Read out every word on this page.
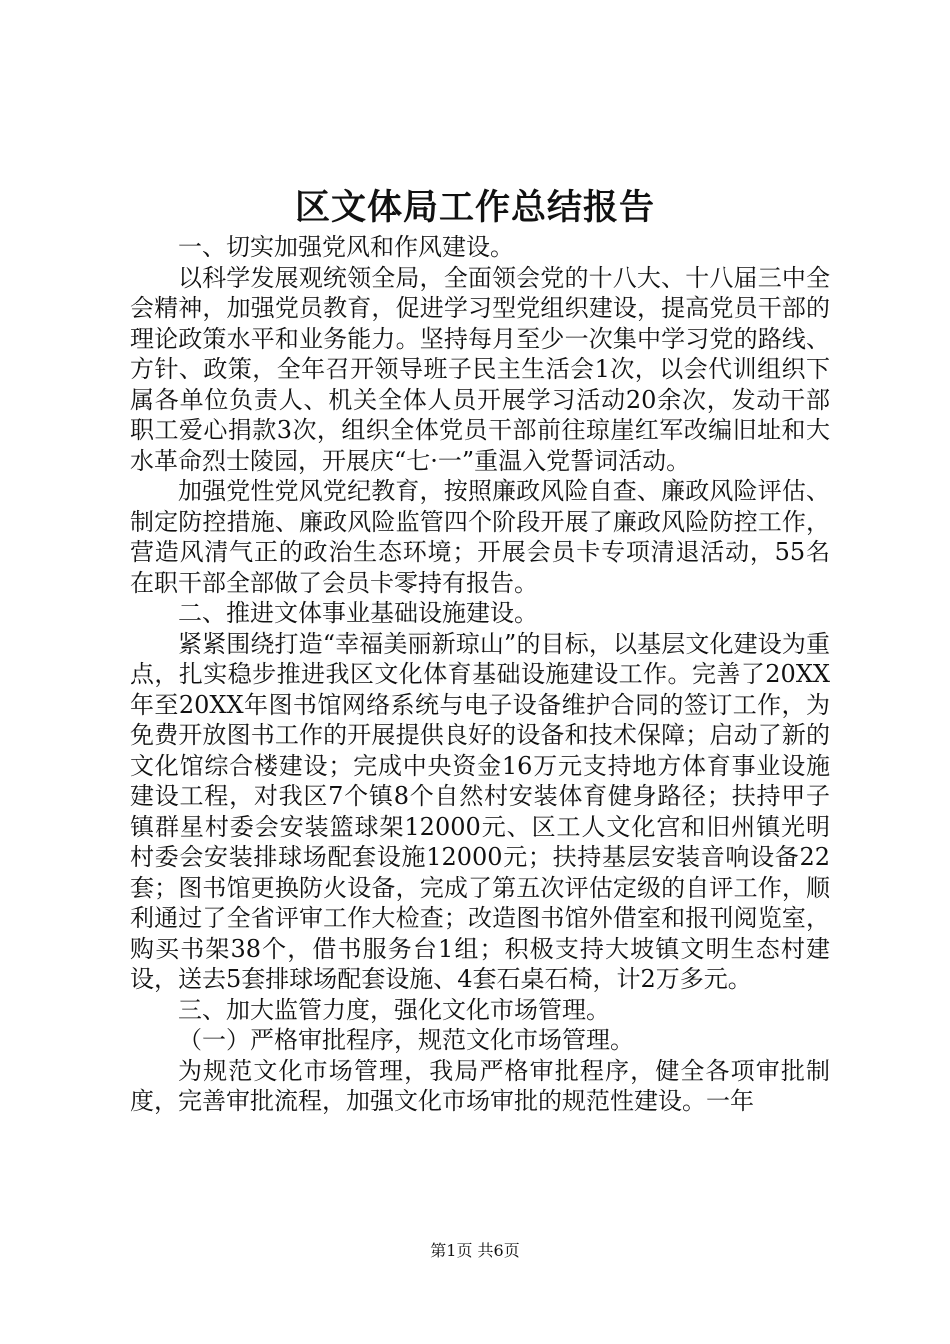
区文体局工作总结报告

一、切实加强党风和作风建设。

以科学发展观统领全局，全面领会党的十八大、十八届三中全会精神，加强党员教育，促进学习型党组织建设，提高党员干部的理论政策水平和业务能力。坚持每月至少一次集中学习党的路线、方针、政策，全年召开领导班子民主生活会1次，以会代训组织下属各单位负责人、机关全体人员开展学习活动20余次，发动干部职工爱心捐款3次，组织全体党员干部前往琼崖红军改编旧址和大水革命烈士陵园，开展庆“七·一”重温入党誓词活动。

加强党性党风党纪教育，按照廉政风险自查、廉政风险评估、制定防控措施、廉政风险监管四个阶段开展了廉政风险防控工作，营造风清气正的政治生态环境；开展会员卡专项清退活动，55名在职干部全部做了会员卡零持有报告。

二、推进文体事业基础设施建设。

紧紧围绕打造“幸福美丽新琼山”的目标，以基层文化建设为重点，扎实稳步推进我区文化体育基础设施建设工作。完善了20XX年至20XX年图书馆网络系统与电子设备维护合同的签订工作，为免费开放图书工作的开展提供良好的设备和技术保障；启动了新的文化馆综合楼建设；完成中央资金16万元支持地方体育事业设施建设工程，对我区7个镇8个自然村安装体育健身路径；扶持甲子镇群星村委会安装篮球架12000元、区工人文化宫和旧州镇光明村委会安装排球场配套设施12000元；扶持基层安装音响设备22套；图书馆更换防火设备，完成了第五次评估定级的自评工作，顺利通过了全省评审工作大检查；改造图书馆外借室和报刊阅览室，购买书架38个，借书服务台1组；积极支持大坡镇文明生态村建设，送去5套排球场配套设施、4套石桌石椅，计2万多元。

三、加大监管力度，强化文化市场管理。

（一）严格审批程序，规范文化市场管理。

为规范文化市场管理，我局严格审批程序，健全各项审批制度，完善审批流程，加强文化市场审批的规范性建设。一年

第1页 共6页
